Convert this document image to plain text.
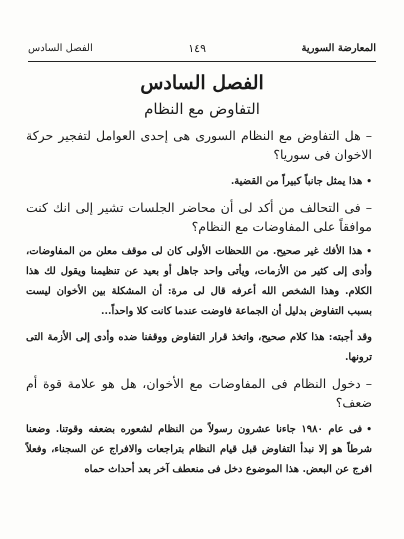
المعارضة السورية
١٤٩
الفصل السادس
الفصل السادس
التفاوض مع النظام

–هل التفاوض مع النظام السورى هى إحدى العوامل لتفجير حركة الاخوان فى سوريا؟

•هذا يمثل جانباً كبيراً من القضية.

–فى التحالف من أكد لى أن محاضر الجلسات تشير إلى انك كنت موافقاً على المفاوضات مع النظام؟

•هذا الأفك غير صحيح. من اللحظات الأولى كان لى موقف معلن من المفاوضات، وأدى إلى كثير من الأزمات، ويأتى واحد جاهل أو بعيد عن تنظيمنا ويقول لك هذا الكلام. وهذا الشخص الله أعرفه قال لى مرة: أن المشكلة بين الأخوان ليست بسبب التفاوض بدليل أن الجماعة فاوضت عندما كانت كلا واحداً...

وقد أجبته: هذا كلام صحيح، واتخذ قرار التفاوض ووقفنا ضده وأدى إلى الأزمة التى ترونها.

–دخول النظام فى المفاوضات مع الأخوان، هل هو علامة قوة أم ضعف؟

•فى عام ١٩٨٠ جاءنا عشرون رسولاً من النظام لشعوره بضعفه وقوتنا. وضعنا شرطاً هو إلا نبدأ التفاوض قبل قيام النظام بتراجعات والافراج عن السجناء، وفعلاً افرج عن البعض. هذا الموضوع دخل فى منعطف آخر بعد أحداث حماه
